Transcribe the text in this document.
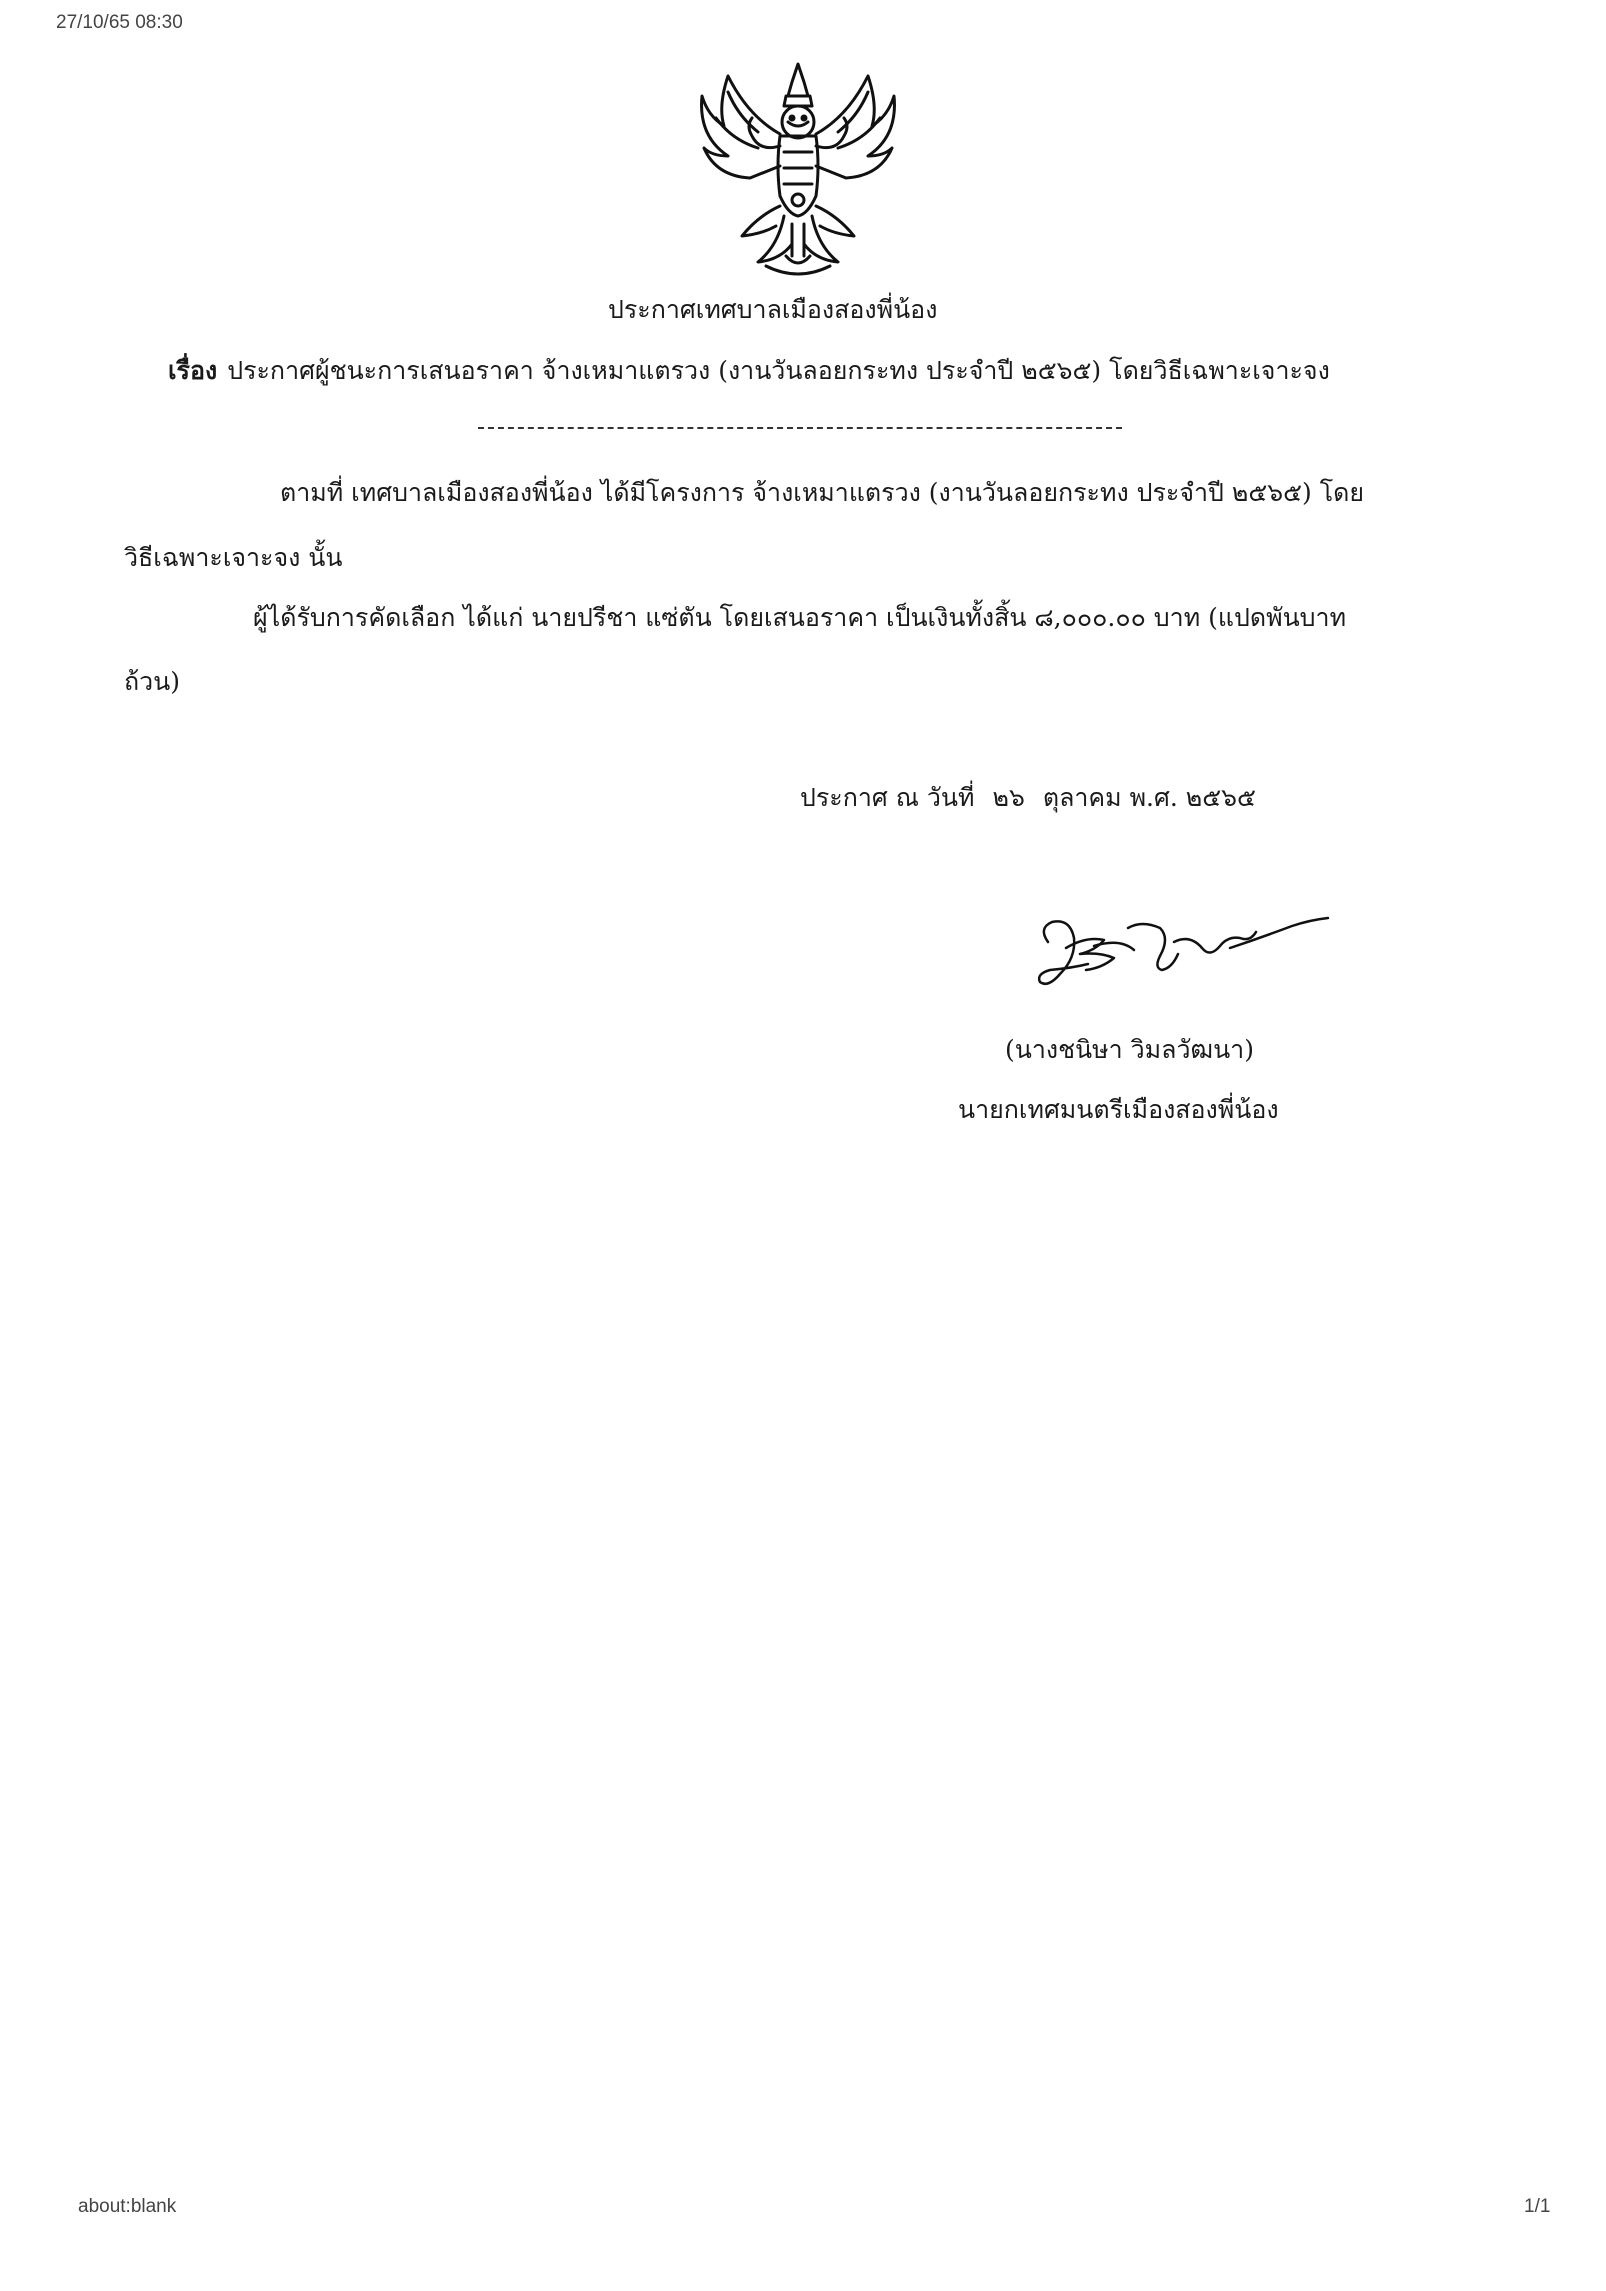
27/10/65 08:30
ประกาศเทศบาลเมืองสองพี่น้อง
เรื่อง ประกาศผู้ชนะการเสนอราคา จ้างเหมาแตรวง (งานวันลอยกระทง ประจำปี ๒๕๖๕) โดยวิธีเฉพาะเจาะจง
ตามที่ เทศบาลเมืองสองพี่น้อง ได้มีโครงการ จ้างเหมาแตรวง (งานวันลอยกระทง ประจำปี ๒๕๖๕) โดย
วิธีเฉพาะเจาะจง นั้น
ผู้ได้รับการคัดเลือก ได้แก่ นายปรีชา แซ่ตัน โดยเสนอราคา เป็นเงินทั้งสิ้น ๘,๐๐๐.๐๐ บาท (แปดพันบาท
ถ้วน)
ประกาศ ณ วันที่ ๒๖ ตุลาคม พ.ศ. ๒๕๖๕
(นางชนิษา วิมลวัฒนา)
นายกเทศมนตรีเมืองสองพี่น้อง
about:blank	1/1
